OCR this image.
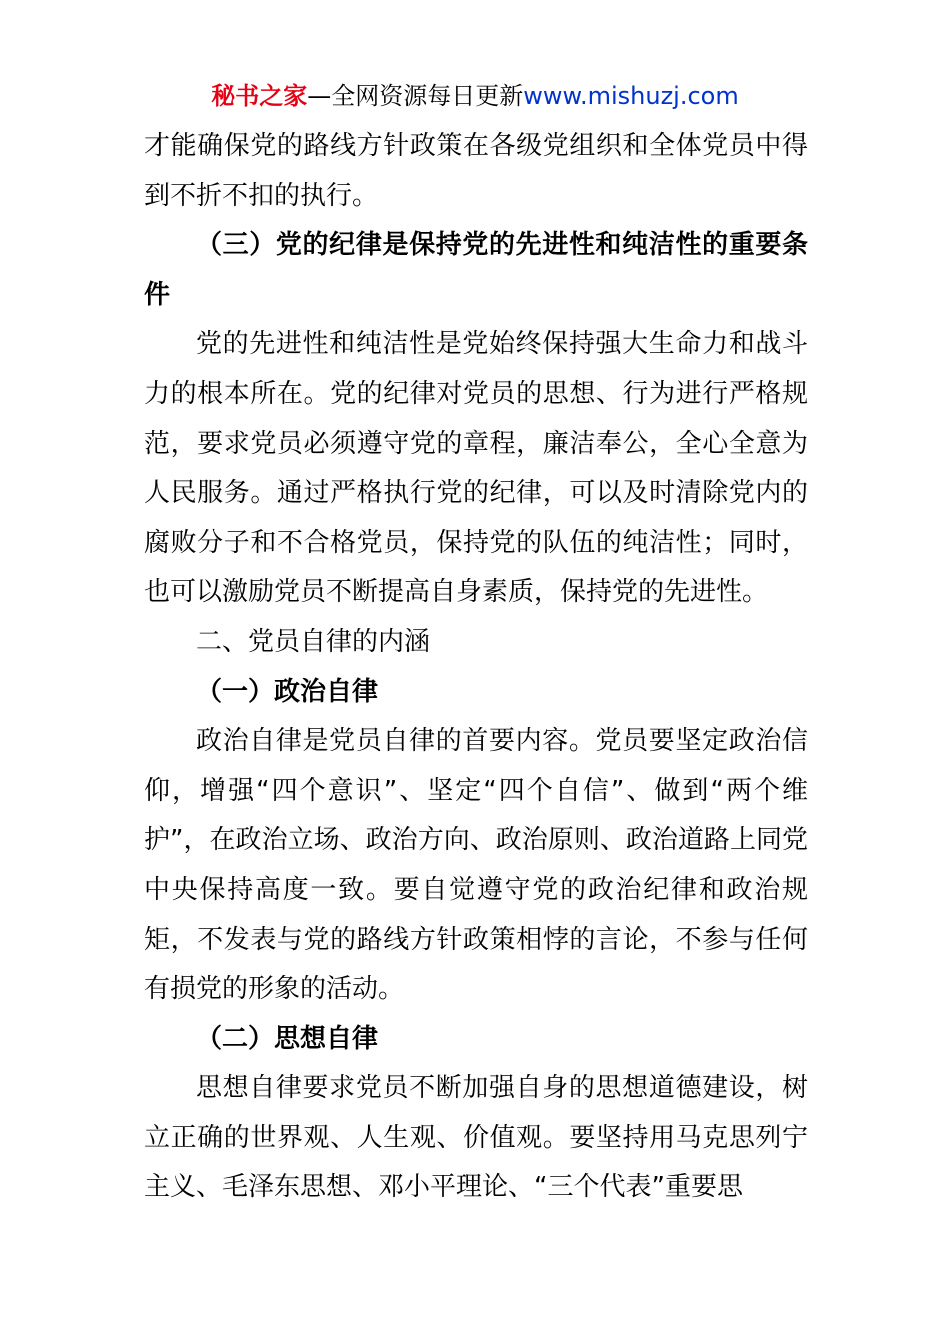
秘书之家—全网资源每日更新www.mishuzj.com

才能确保党的路线方针政策在各级党组织和全体党员中得到不折不扣的执行。

（三）党的纪律是保持党的先进性和纯洁性的重要条件

党的先进性和纯洁性是党始终保持强大生命力和战斗力的根本所在。党的纪律对党员的思想、行为进行严格规范，要求党员必须遵守党的章程，廉洁奉公，全心全意为人民服务。通过严格执行党的纪律，可以及时清除党内的腐败分子和不合格党员，保持党的队伍的纯洁性；同时，也可以激励党员不断提高自身素质，保持党的先进性。

二、党员自律的内涵

（一）政治自律

政治自律是党员自律的首要内容。党员要坚定政治信仰，增强“四个意识”、坚定“四个自信”、做到“两个维护”，在政治立场、政治方向、政治原则、政治道路上同党中央保持高度一致。要自觉遵守党的政治纪律和政治规矩，不发表与党的路线方针政策相悖的言论，不参与任何有损党的形象的活动。

（二）思想自律

思想自律要求党员不断加强自身的思想道德建设，树立正确的世界观、人生观、价值观。要坚持用马克思列宁主义、毛泽东思想、邓小平理论、“三个代表”重要思
